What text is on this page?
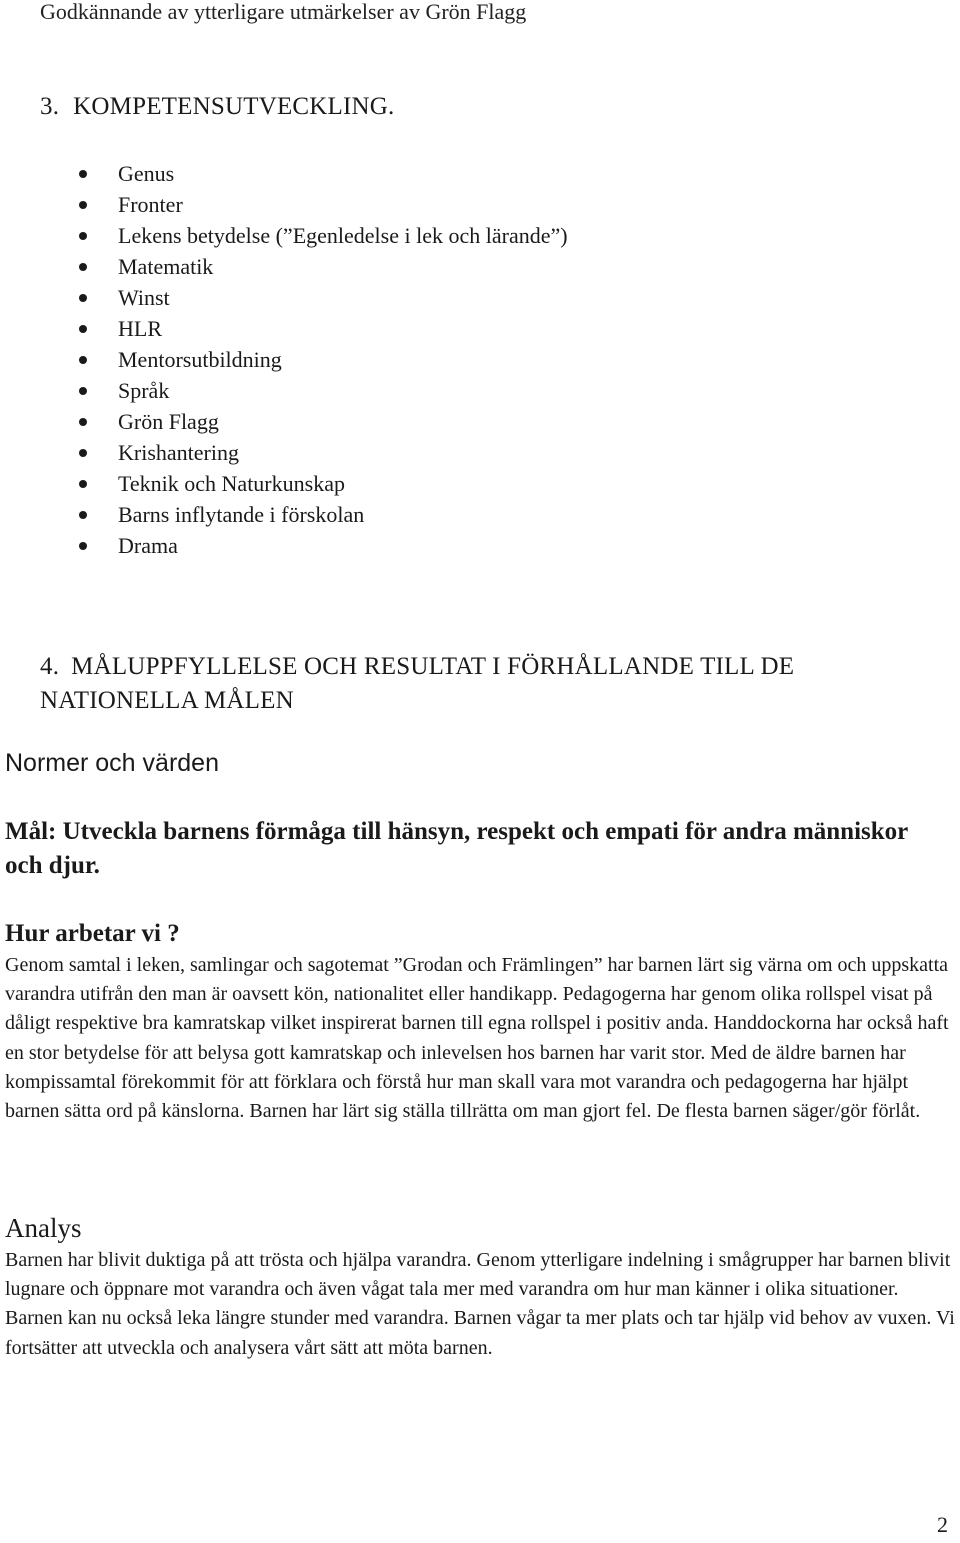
Godkännande av ytterligare utmärkelser av Grön Flagg
3. KOMPETENSUTVECKLING.
Genus
Fronter
Lekens betydelse (”Egenledelse i lek och lärande”)
Matematik
Winst
HLR
Mentorsutbildning
Språk
Grön Flagg
Krishantering
Teknik och Naturkunskap
Barns inflytande i förskolan
Drama
4. MÅLUPPFYLLELSE OCH RESULTAT I FÖRHÅLLANDE TILL DE NATIONELLA MÅLEN
Normer och värden
Mål: Utveckla barnens förmåga till hänsyn, respekt och empati för andra människor och djur.
Hur arbetar vi ?
Genom samtal i leken, samlingar och sagotemat ”Grodan och Främlingen” har barnen lärt sig värna om och uppskatta varandra utifrån den man är oavsett kön, nationalitet eller handikapp. Pedagogerna har genom olika rollspel visat på dåligt respektive bra kamratskap vilket inspirerat barnen till egna rollspel i positiv anda. Handdockorna har också haft en stor betydelse för att belysa gott kamratskap och inlevelsen hos barnen har varit stor. Med de äldre barnen har kompissamtal förekommit för att förklara och förstå hur man skall vara mot varandra och pedagogerna har hjälpt barnen sätta ord på känslorna. Barnen har lärt sig ställa tillrätta om man gjort fel. De flesta barnen säger/gör förlåt.
Analys
Barnen har blivit duktiga på att trösta och hjälpa varandra. Genom ytterligare indelning i smågrupper har barnen blivit lugnare och öppnare mot varandra och även vågat tala mer med varandra om hur man känner i olika situationer. Barnen kan nu också leka längre stunder med varandra. Barnen vågar ta mer plats och tar hjälp vid behov av vuxen. Vi fortsätter att utveckla och analysera vårt sätt att möta barnen.
2
